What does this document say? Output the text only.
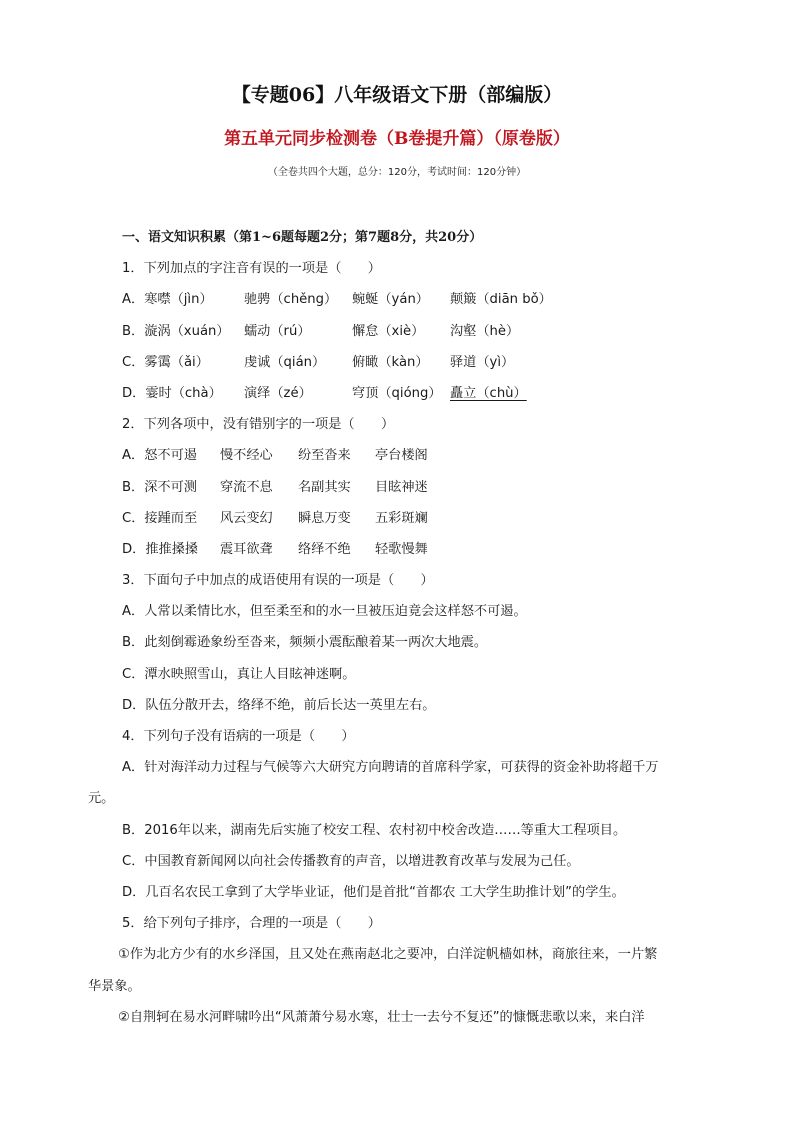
【专题06】八年级语文下册（部编版）
第五单元同步检测卷（B卷提升篇）（原卷版）
（全卷共四个大题，总分：120分，考试时间：120分钟）
一、语文知识积累（第1~6题每题2分；第7题8分，共20分）
1．下列加点的字注音有误的一项是（　　）
A．寒噤（jìn） 驰骋（chěng） 蜿蜒（yán） 颠簸（diān bǒ）
B．漩涡（xuán） 蠕动（rú）	懈怠（xiè） 沟壑（hè）
C．雾霭（ǎi）	虔诚（qián） 俯瞰（kàn） 驿道（yì）
D．霎时（chà） 演绎（zé）	穹顶（qióng） 矗立（chù）
2．下列各项中，没有错别字的一项是（　　）
A．怒不可遏 慢不经心 纷至沓来 亭台楼阁
B．深不可测 穿流不息 名副其实 目眩神迷
C．接踵而至 风云变幻 瞬息万变 五彩斑斓
D．推推搡搡 震耳欲聋 络绎不绝 轻歌慢舞
3．下面句子中加点的成语使用有误的一项是（　　）
A．人常以柔情比水，但至柔至和的水一旦被压迫竟会这样怒不可遏。
B．此刻倒霉逊象纷至沓来，频频小震酝酿着某一两次大地震。
C．潭水映照雪山，真让人目眩神迷啊。
D．队伍分散开去，络绎不绝，前后长达一英里左右。
4．下列句子没有语病的一项是（　　）
A．针对海洋动力过程与气候等六大研究方向聘请的首席科学家，可获得的资金补助将超千万
元。
B．2016年以来，湖南先后实施了校安工程、农村初中校舍改造……等重大工程项目。
C．中国教育新闻网以向社会传播教育的声音，以增进教育改革与发展为己任。
D．几百名农民工拿到了大学毕业证，他们是首批“首都农 工大学生助推计划”的学生。
5．给下列句子排序，合理的一项是（　　）
①作为北方少有的水乡泽国，且又处在燕南赵北之要冲，白洋淀帆樯如林，商旅往来，一片繁
华景象。
②自荆轲在易水河畔啸吟出“风萧萧兮易水寒，壮士一去兮不复还”的慷慨悲歌以来，来白洋
